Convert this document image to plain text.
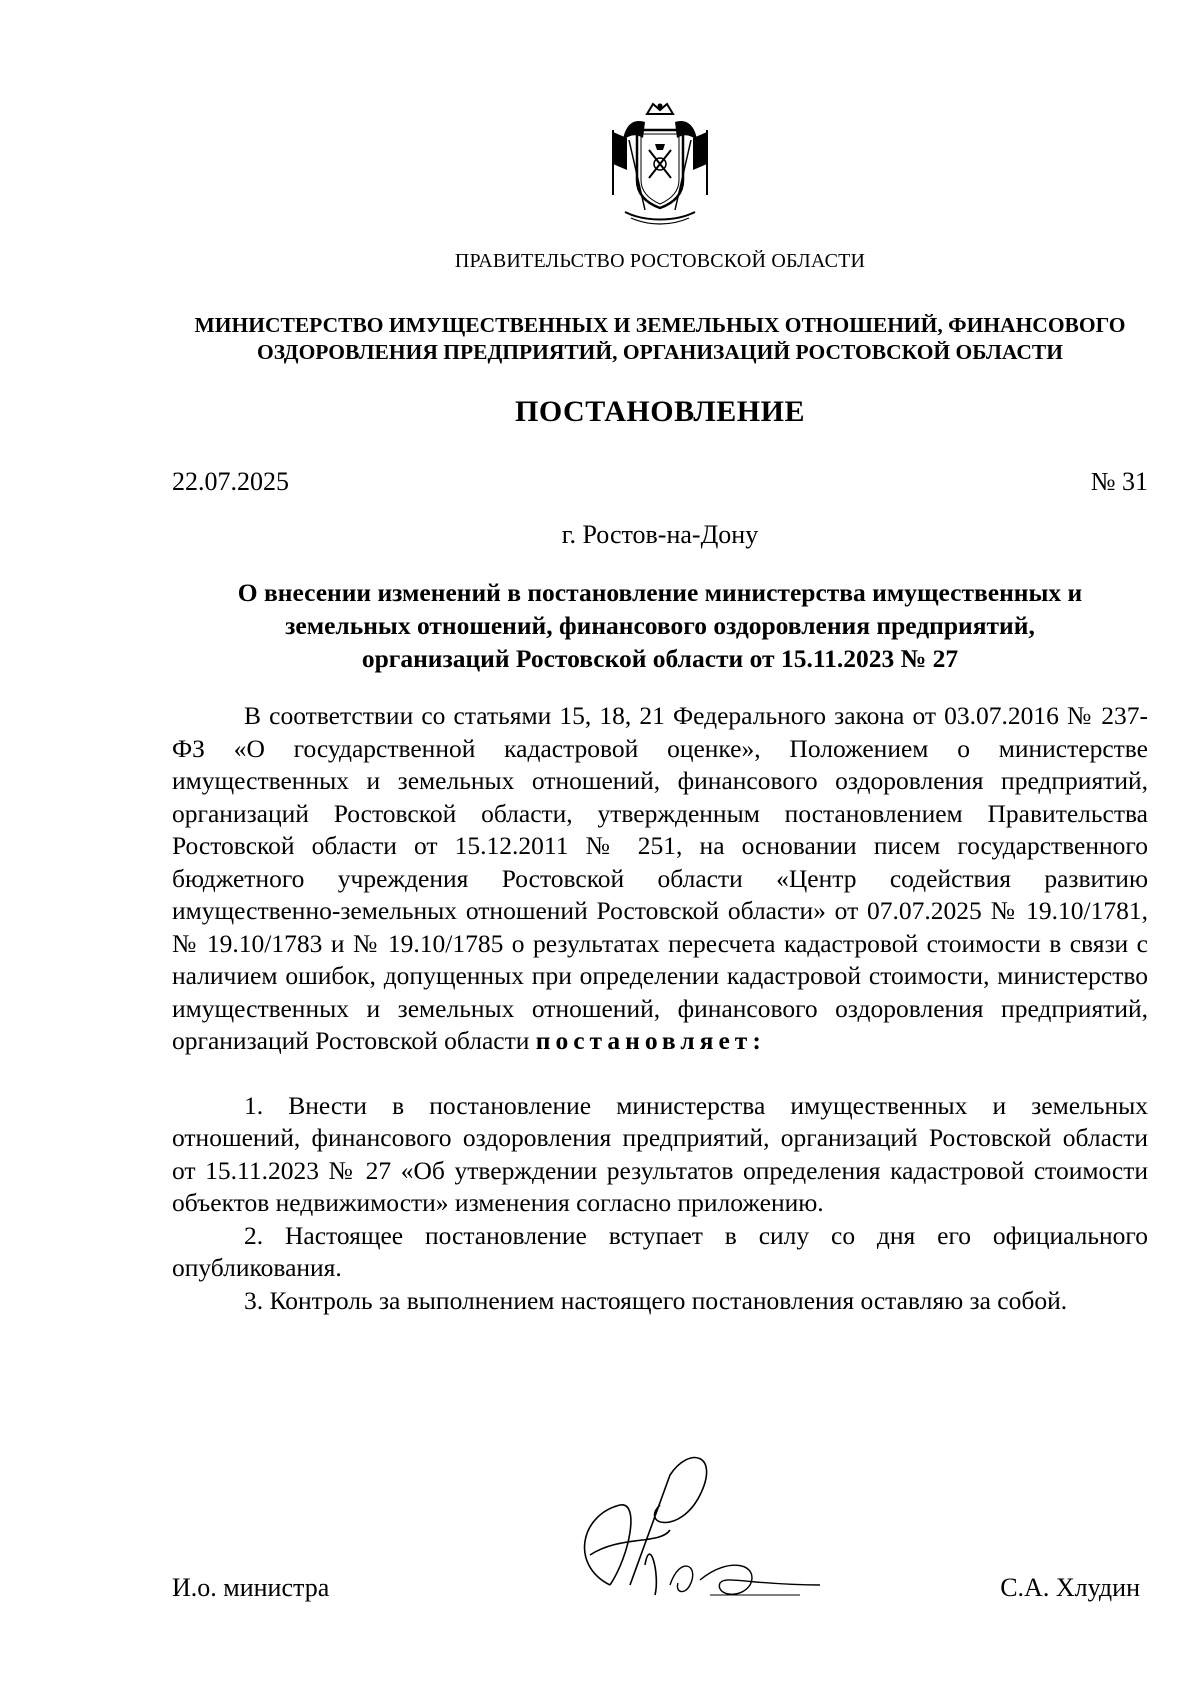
ПРАВИТЕЛЬСТВО РОСТОВСКОЙ ОБЛАСТИ
МИНИСТЕРСТВО ИМУЩЕСТВЕННЫХ И ЗЕМЕЛЬНЫХ ОТНОШЕНИЙ, ФИНАНСОВОГО
ОЗДОРОВЛЕНИЯ ПРЕДПРИЯТИЙ, ОРГАНИЗАЦИЙ РОСТОВСКОЙ ОБЛАСТИ
ПОСТАНОВЛЕНИЕ
22.07.2025	№ 31
г. Ростов-на-Дону
О внесении изменений в постановление министерства имущественных и
земельных отношений, финансового оздоровления предприятий,
организаций Ростовской области от 15.11.2023 № 27

В соответствии со статьями 15, 18, 21 Федерального закона от 03.07.2016 № 237-ФЗ «О государственной кадастровой оценке», Положением о министерстве имущественных и земельных отношений, финансового оздоровления предприятий, организаций Ростовской области, утвержденным постановлением Правительства Ростовской области от 15.12.2011 № 251, на основании писем государственного бюджетного учреждения Ростовской области «Центр содействия развитию имущественно-земельных отношений Ростовской области» от 07.07.2025 № 19.10/1781, № 19.10/1783 и № 19.10/1785 о результатах пересчета кадастровой стоимости в связи с наличием ошибок, допущенных при определении кадастровой стоимости, министерство имущественных и земельных отношений, финансового оздоровления предприятий, организаций Ростовской области постановляет:

1. Внести в постановление министерства имущественных и земельных отношений, финансового оздоровления предприятий, организаций Ростовской области от 15.11.2023 № 27 «Об утверждении результатов определения кадастровой стоимости объектов недвижимости» изменения согласно приложению.

2. Настоящее постановление вступает в силу со дня его официального опубликования.

3. Контроль за выполнением настоящего постановления оставляю за собой.

И.о. министра	С.А. Хлудин
